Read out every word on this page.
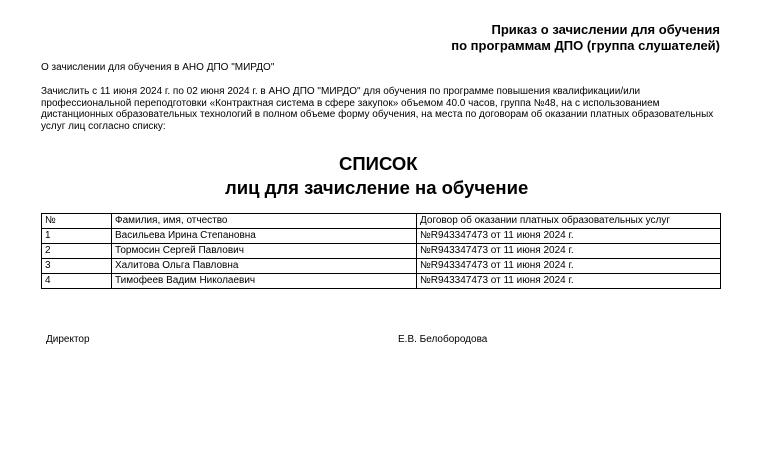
Приказ о зачислении для обучения
по программам ДПО (группа слушателей)
О зачислении для обучения в АНО ДПО "МИРДО"
Зачислить с 11 июня 2024 г. по 02 июня 2024 г. в АНО ДПО "МИРДО" для обучения по программе повышения квалификации/или профессиональной переподготовки «Контрактная система в сфере закупок» объемом 40.0 часов, группа №48, на с использованием дистанционных образовательных технологий в полном объеме форму обучения, на места по договорам об оказании платных образовательных услуг лиц согласно списку:
СПИСОК
лиц для зачисление на обучение
№	Фамилия, имя, отчество	Договор об оказании платных образовательных услуг
1	Васильева Ирина Степановна	№R943347473 от 11 июня 2024 г.
2	Тормосин Сергей Павлович	№R943347473 от 11 июня 2024 г.
3	Халитова Ольга Павловна	№R943347473 от 11 июня 2024 г.
4	Тимофеев Вадим Николаевич	№R943347473 от 11 июня 2024 г.
Директор	Е.В. Белобородова
